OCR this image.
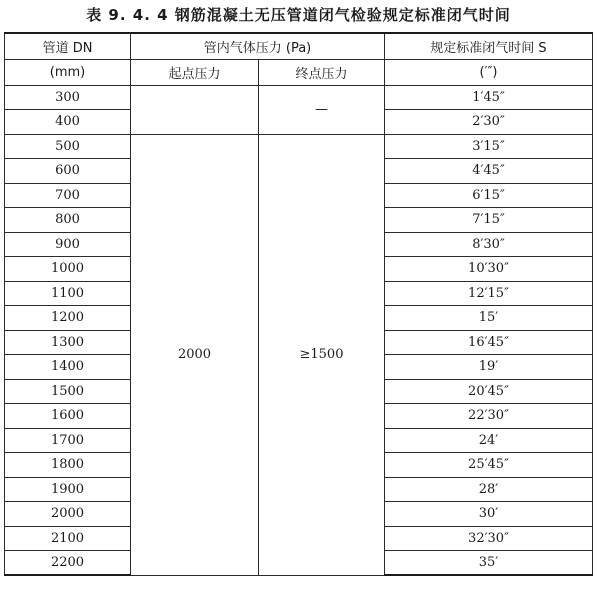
表 9. 4. 4 钢筋混凝土无压管道闭气检验规定标准闭气时间
管道 DN	管内气体压力 (Pa)		规定标准闭气时间 S
(mm)	起点压力	终点压力	(′″)
300		—	1′45″
400			2′30″
500	2000	≥1500	3′15″
600			4′45″
700			6′15″
800			7′15″
900			8′30″
1000			10′30″
1100			12′15″
1200			15′
1300			16′45″
1400			19′
1500			20′45″
1600			22′30″
1700			24′
1800			25′45″
1900			28′
2000			30′
2100			32′30″
2200			35′
